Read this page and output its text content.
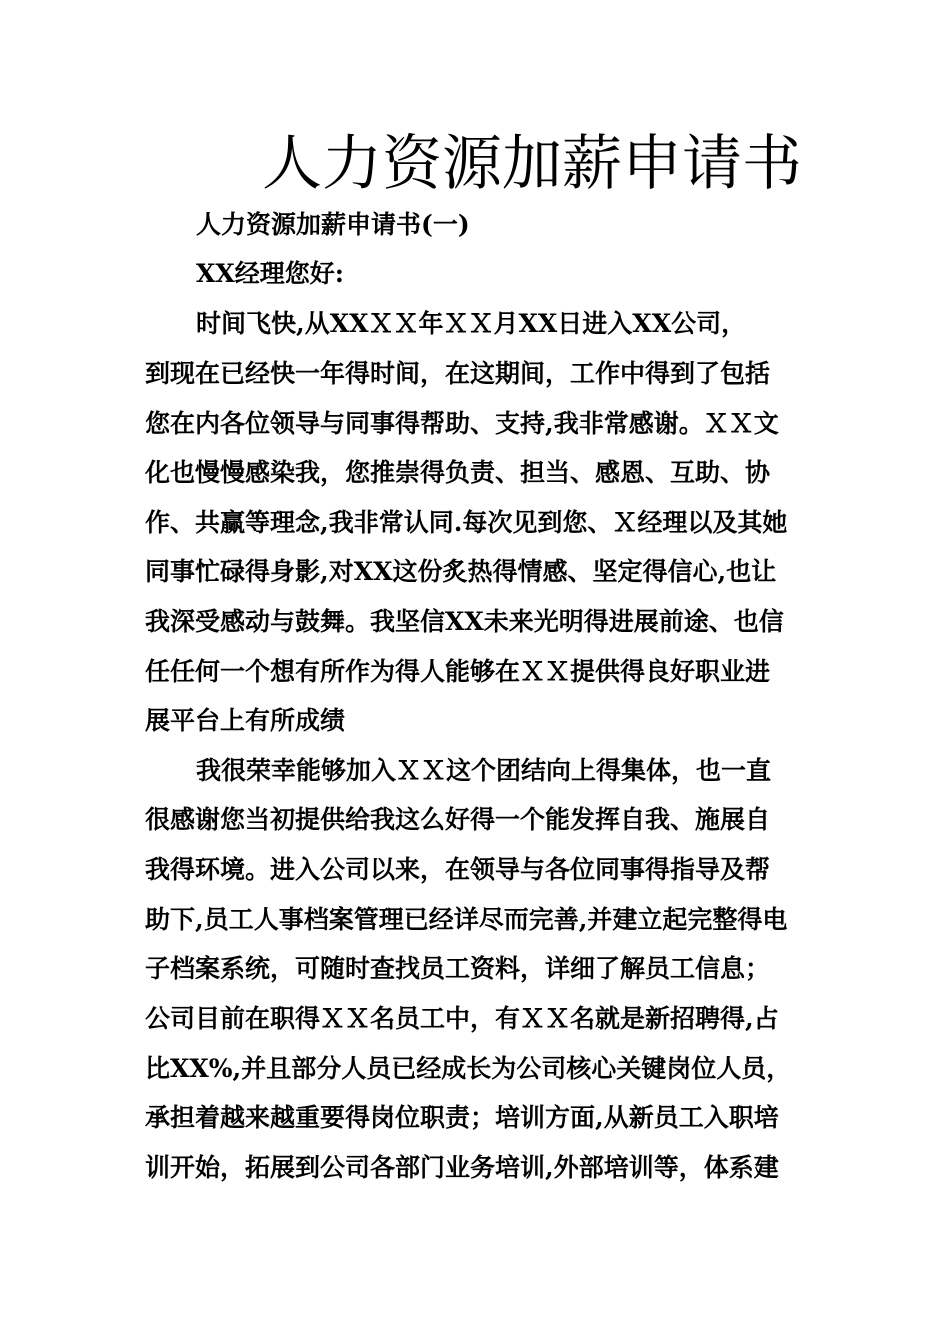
人力资源加薪申请书

人力资源加薪申请书(一)

XX经理您好:

时间飞快,从XXＸＸ年ＸＸ月XX日进入XX公司，

到现在已经快一年得时间，在这期间，工作中得到了包括

您在内各位领导与同事得帮助、支持,我非常感谢。ＸＸ文

化也慢慢感染我，您推崇得负责、担当、感恩、互助、协

作、共赢等理念,我非常认同.每次见到您、Ｘ经理以及其她

同事忙碌得身影,对XX这份炙热得情感、坚定得信心,也让

我深受感动与鼓舞。我坚信XX未来光明得进展前途、也信

任任何一个想有所作为得人能够在ＸＸ提供得良好职业进

展平台上有所成绩

我很荣幸能够加入ＸＸ这个团结向上得集体，也一直

很感谢您当初提供给我这么好得一个能发挥自我、施展自

我得环境。进入公司以来，在领导与各位同事得指导及帮

助下,员工人事档案管理已经详尽而完善,并建立起完整得电

子档案系统，可随时查找员工资料，详细了解员工信息；

公司目前在职得ＸＸ名员工中，有ＸＸ名就是新招聘得,占

比XX%,并且部分人员已经成长为公司核心关键岗位人员，

承担着越来越重要得岗位职责；培训方面,从新员工入职培

训开始，拓展到公司各部门业务培训,外部培训等，体系建
